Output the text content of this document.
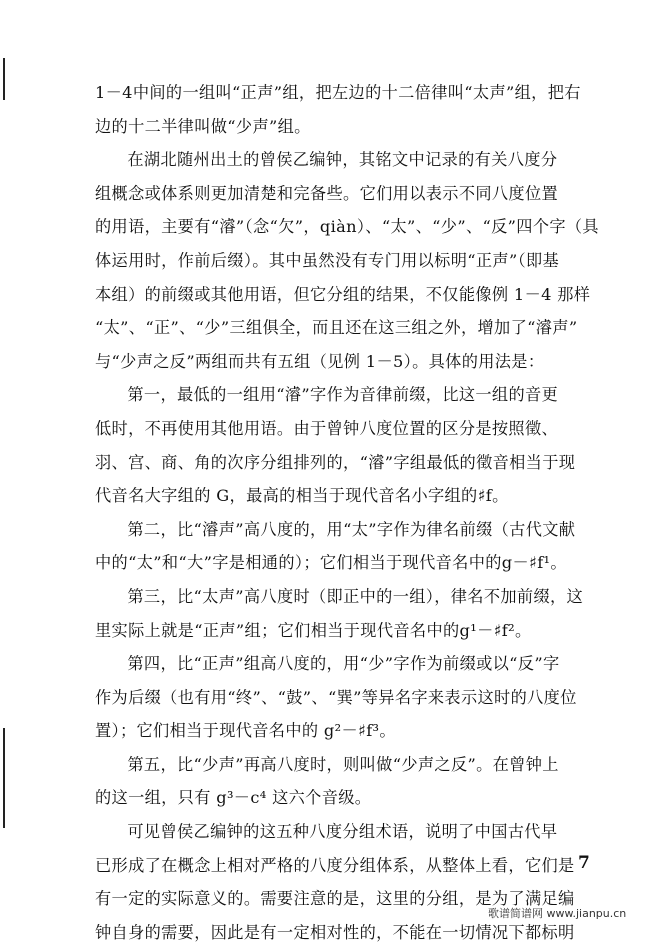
1－4中间的一组叫“正声”组，把左边的十二倍律叫“太声”组，把右
边的十二半律叫做“少声”组。

在湖北随州出土的曾侯乙编钟，其铭文中记录的有关八度分
组概念或体系则更加清楚和完备些。它们用以表示不同八度位置
的用语，主要有“濬”（念“欠”，qiàn）、“太”、“少”、“反”四个字（具
体运用时，作前后缀）。其中虽然没有专门用以标明“正声”（即基
本组）的前缀或其他用语，但它分组的结果，不仅能像例 1－4 那样
“太”、“正”、“少”三组俱全，而且还在这三组之外，增加了“濬声”
与“少声之反”两组而共有五组（见例 1－5）。具体的用法是：

第一，最低的一组用“濬”字作为音律前缀，比这一组的音更
低时，不再使用其他用语。由于曾钟八度位置的区分是按照徵、
羽、宫、商、角的次序分组排列的，“濬”字组最低的徵音相当于现
代音名大字组的 G，最高的相当于现代音名小字组的♯f。

第二，比“濬声”高八度的，用“太”字作为律名前缀（古代文献
中的“太”和“大”字是相通的）；它们相当于现代音名中的g－♯f¹。

第三，比“太声”高八度时（即正中的一组），律名不加前缀，这
里实际上就是“正声”组；它们相当于现代音名中的g¹－♯f²。

第四，比“正声”组高八度的，用“少”字作为前缀或以“反”字
作为后缀（也有用“终”、“鼓”、“巽”等异名字来表示这时的八度位
置）；它们相当于现代音名中的 g²－♯f³。

第五，比“少声”再高八度时，则叫做“少声之反”。在曾钟上
的这一组，只有 g³－c⁴ 这六个音级。

可见曾侯乙编钟的这五种八度分组术语，说明了中国古代早
已形成了在概念上相对严格的八度分组体系，从整体上看，它们是
有一定的实际意义的。需要注意的是，这里的分组，是为了满足编
钟自身的需要，因此是有一定相对性的，不能在一切情况下都标明

7
歌谱简谱网 www.jianpu.cn
